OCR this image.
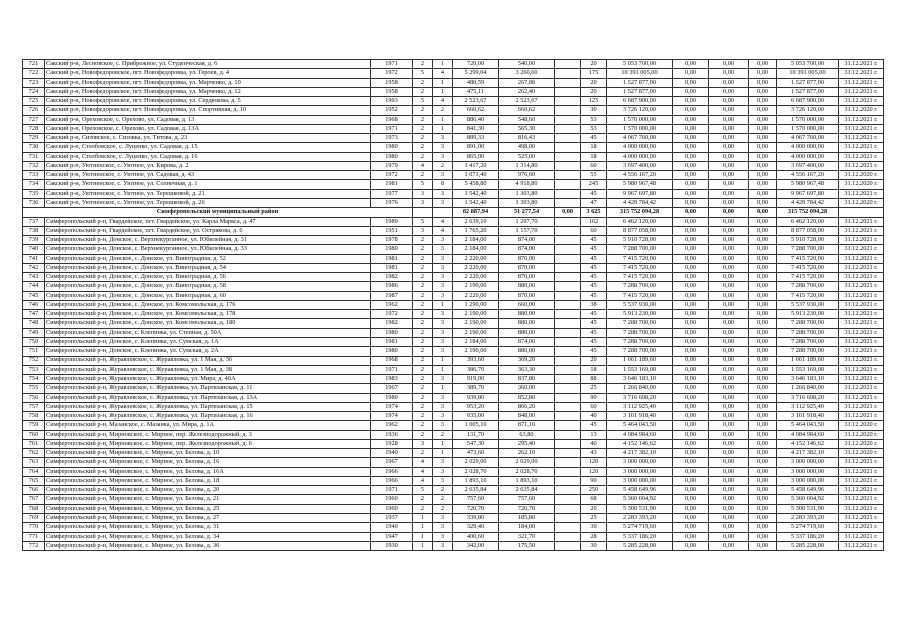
721	Сакский р-н, Лесновское, с. Прибрежное, ул. Студенческая, д. 6	1971	2	1	720,00	540,00		20	5 053 700,00	0,00	0,00	0,00	5 053 700,00	31.12.2021 г.
722	Сакский р-н, Новофедоровское, пгт. Новофедоровка, ул. Героев, д. 4	1972	5	4	5 299,04	3 260,60		175	10 391 005,00	0,00	0,00	0,00	10 391 005,00	31.12.2021 г.
723	Сакский р-н, Новофедоровское, пгт. Новофедоровка, ул. Марченко, д. 10	1958	2	1	480,59	267,88		20	1 527 877,00	0,00	0,00	0,00	1 527 877,00	31.12.2021 г.
724	Сакский р-н, Новофедоровское, пгт. Новофедоровка, ул. Марченко, д. 12	1958	2	1	475,11	262,40		20	1 527 877,00	0,00	0,00	0,00	1 527 877,00	31.12.2021 г.
725	Сакский р-н, Новофедоровское, пгт. Новофедоровка, ул. Сердюкова, д. 5	1993	5	4	2 523,67	2 523,67		125	6 687 900,00	0,00	0,00	0,00	6 687 900,00	31.12.2021 г.
726	Сакский р-н, Новофедоровское, пгт. Новофедоровка, ул. Спортивная, д. 10	1952	2	2	660,62	660,62		30	3 726 120,00	0,00	0,00	0,00	3 726 120,00	31.12.2020 г.
727	Сакский р-н, Ореховское, с. Орехово, ул. Садовая, д. 13	1968	2	1	886,40	548,60		53	1 570 000,00	0,00	0,00	0,00	1 570 000,00	31.12.2021 г.
728	Сакский р-н, Ореховское, с. Орехово, ул. Садовая, д. 13А	1971	2	1	841,30	565,30		53	1 570 000,00	0,00	0,00	0,00	1 570 000,00	31.12.2021 г.
729	Сакский р-н, Сизовское, с. Сизовка, ул. Титова, д. 23	1973	2	3	889,33	816,43		45	4 067 760,00	0,00	0,00	0,00	4 067 760,00	31.12.2021 г.
730	Сакский р-н, Столбовское, с. Луценко, ул. Садовая, д. 15	1980	2	3	891,00	498,00		18	4 000 000,00	0,00	0,00	0,00	4 000 000,00	31.12.2021 г.
731	Сакский р-н, Столбовское, с. Луценко, ул. Садовая, д. 16	1980	2	3	865,00	525,00		18	4 000 000,00	0,00	0,00	0,00	4 000 000,00	31.12.2021 г.
732	Сакский р-н, Уютненское, с. Уютное, ул. Кирова, д. 2	1979	4	2	1 417,20	1 314,80		60	3 697 400,00	0,00	0,00	0,00	3 697 400,00	31.12.2021 г.
733	Сакский р-н, Уютненское, с. Уютное, ул. Садовая, д. 43	1972	2	3	1 071,40	976,60		55	4 556 167,20	0,00	0,00	0,00	4 556 167,20	31.12.2020 г.
734	Сакский р-н, Уютненское, с. Уютное, ул. Солнечная, д. 1	1981	5	8	5 458,80	4 918,80		245	5 980 967,48	0,00	0,00	0,00	5 980 967,48	31.12.2020 г.
735	Сакский р-н, Уютненское, с. Уютное, ул. Терешковой, д. 21	1977	3	3	1 542,40	1 303,80		45	9 967 697,80	0,00	0,00	0,00	9 967 697,80	31.12.2021 г.
736	Сакский р-н, Уютненское, с. Уютное, ул. Терешковой, д. 26	1976	3	3	1 542,40	1 303,80		47	4 428 784,42	0,00	0,00	0,00	4 428 784,42	31.12.2020 г.
Симферопольский муниципальный район					82 887,94	51 277,54	0,00	3 625	315 752 094,28	0,00	0,00	0,00	315 752 094,28	
737	Симферопольский р-н, Гвардейское, пгт. Гвардейское, ул. Карла Маркса, д. 47	1989	5	4	2 639,10	1 297,70		102	6 462 120,00	0,00	0,00	0,00	6 462 120,00	31.12.2021 г.
738	Симферопольский р-н, Гвардейское, пгт. Гвардейское, ул. Острякова, д. 6	1951	3	4	1 765,20	1 157,70		60	8 877 058,00	0,00	0,00	0,00	8 877 058,00	31.12.2021 г.
739	Симферопольский р-н, Донское, с. Верхнекурганное, ул. Юбилейная, д. 31	1978	2	3	2 184,00	874,00		45	5 910 728,00	0,00	0,00	0,00	5 910 728,00	31.12.2021 г.
740	Симферопольский р-н, Донское, с. Верхнекурганное, ул. Юбилейная, д. 33	1980	2	3	2 184,00	874,00		45	7 288 700,00	0,00	0,00	0,00	7 288 700,00	31.12.2021 г.
741	Симферопольский р-н, Донское, с. Донское, ул. Виноградная, д. 52	1981	2	3	2 220,00	870,00		45	7 415 720,00	0,00	0,00	0,00	7 415 720,00	31.12.2021 г.
742	Симферопольский р-н, Донское, с. Донское, ул. Виноградная, д. 54	1981	2	3	2 220,00	870,00		45	7 415 720,00	0,00	0,00	0,00	7 415 720,00	31.12.2021 г.
743	Симферопольский р-н, Донское, с. Донское, ул. Виноградная, д. 56	1982	2	3	2 220,00	870,00		45	7 415 720,00	0,00	0,00	0,00	7 415 720,00	31.12.2021 г.
744	Симферопольский р-н, Донское, с. Донское, ул. Виноградная, д. 58	1986	2	3	2 190,00	880,00		45	7 288 700,00	0,00	0,00	0,00	7 288 700,00	31.12.2021 г.
745	Симферопольский р-н, Донское, с. Донское, ул. Виноградная, д. 60	1987	2	3	2 220,00	870,00		45	7 415 720,00	0,00	0,00	0,00	7 415 720,00	31.12.2021 г.
746	Симферопольский р-н, Донское, с. Донское, ул. Комсомольская, д. 176	1962	2	1	1 290,00	660,00		38	5 537 930,00	0,00	0,00	0,00	5 537 930,00	31.12.2021 г.
747	Симферопольский р-н, Донское, с. Донское, ул. Комсомольская, д. 178	1972	2	3	2 190,00	880,00		45	5 913 230,00	0,00	0,00	0,00	5 913 230,00	31.12.2021 г.
748	Симферопольский р-н, Донское, с. Донское, ул. Комсомольская, д. 180	1982	2	3	2 190,00	880,00		45	7 288 700,00	0,00	0,00	0,00	7 288 700,00	31.12.2021 г.
749	Симферопольский р-н, Донское, с. Клепинка, ул. Степная, д. 50А	1980	2	3	2 190,00	880,00		45	7 288 700,00	0,00	0,00	0,00	7 288 700,00	31.12.2021 г.
750	Симферопольский р-н, Донское, с. Клепинка, ул. Сумская, д. 1А	1981	2	3	2 184,00	874,00		45	7 288 700,00	0,00	0,00	0,00	7 288 700,00	31.12.2021 г.
751	Симферопольский р-н, Донское, с. Клепинка, ул. Сумская, д. 2А	1980	2	3	2 190,00	880,00		45	7 288 700,00	0,00	0,00	0,00	7 288 700,00	31.12.2021 г.
752	Симферопольский р-н, Журавлевское, с. Журавлевка, ул. 1 Мая, д. 36	1968	2	1	393,60	369,20		20	1 661 189,60	0,00	0,00	0,00	1 661 189,60	31.12.2021 г.
753	Симферопольский р-н, Журавлевское, с. Журавлевка, ул. 1 Мая, д. 38	1971	2	1	386,70	363,30		18	1 553 169,00	0,00	0,00	0,00	1 553 169,00	31.12.2021 г.
754	Симферопольский р-н, Журавлевское, с. Журавлевка, ул. Мира, д. 40А	1983	2	3	919,00	837,80		88	3 646 183,10	0,00	0,00	0,00	3 646 183,10	31.12.2021 г.
755	Симферопольский р-н, Журавлевское, с. Журавлевка, ул. Партизанская, д. 11	1967	2	1	389,70	360,00		25	1 266 840,00	0,00	0,00	0,00	1 266 840,00	31.12.2021 г.
756	Симферопольский р-н, Журавлевское, с. Журавлевка, ул. Партизанская, д. 13А	1980	2	3	939,80	852,80		90	3 716 608,20	0,00	0,00	0,00	3 716 608,20	31.12.2021 г.
757	Симферопольский р-н, Журавлевское, с. Журавлевка, ул. Партизанская, д. 15	1974	2	3	953,20	866,20		60	3 112 925,40	0,00	0,00	0,00	3 112 925,40	31.12.2021 г.
758	Симферопольский р-н, Журавлевское, с. Журавлевка, ул. Партизанская, д. 16	1974	2	3	935,00	848,00		40	3 101 918,40	0,00	0,00	0,00	3 101 918,40	31.12.2021 г.
759	Симферопольский р-н, Мазанское, с. Мазанка, ул. Мира, д. 1А	1962	2	3	1 005,10	871,10		45	5 464 043,50	0,00	0,00	0,00	5 464 043,50	31.12.2020 г.
760	Симферопольский р-н, Мирновское, с. Мирное, пер. Железнодорожный, д. 3	1936	2	2	131,70	63,80		13	4 084 984,60	0,00	0,00	0,00	4 084 984,60	31.12.2020 г.
761	Симферопольский р-н, Мирновское, с. Мирное, пер. Железнодорожный, д. 6	1928	3	1	547,30	295,40		40	4 152 146,62	0,00	0,00	0,00	4 152 146,62	31.12.2020 г.
762	Симферопольский р-н, Мирновское, с. Мирное, ул. Белова, д. 10	1940	2	1	473,60	262,10		43	4 217 382,10	0,00	0,00	0,00	4 217 382,10	31.12.2020 г.
763	Симферопольский р-н, Мирновское, с. Мирное, ул. Белова, д. 16	1967	4	3	2 029,00	2 029,00		120	3 000 000,00	0,00	0,00	0,00	3 000 000,00	31.12.2021 г.
764	Симферопольский р-н, Мирновское, с. Мирное, ул. Белова, д. 16А	1966	4	3	2 028,70	2 028,70		120	3 000 000,00	0,00	0,00	0,00	3 000 000,00	31.12.2021 г.
765	Симферопольский р-н, Мирновское, с. Мирное, ул. Белова, д. 18	1966	4	3	1 893,10	1 893,10		90	3 000 000,00	0,00	0,00	0,00	3 000 000,00	31.12.2021 г.
766	Симферопольский р-н, Мирновское, с. Мирное, ул. Белова, д. 20	1971	5	2	2 635,84	2 635,84		250	5 458 649,96	0,00	0,00	0,00	5 458 649,96	31.12.2021 г.
767	Симферопольский р-н, Мирновское, с. Мирное, ул. Белова, д. 21	1960	2	2	757,60	757,60		68	5 360 604,92	0,00	0,00	0,00	5 360 604,92	31.12.2021 г.
768	Симферопольский р-н, Мирновское, с. Мирное, ул. Белова, д. 25	1960	2	2	720,70	720,70		20	5 300 531,90	0,00	0,00	0,00	5 300 531,90	31.12.2021 г.
769	Симферопольский р-н, Мирновское, с. Мирное, ул. Белова, д. 27	1937	1	3	339,80	185,80		25	2 283 393,20	0,00	0,00	0,00	2 283 393,20	31.12.2021 г.
770	Симферопольский р-н, Мирновское, с. Мирное, ул. Белова, д. 31	1940	1	3	329,40	184,00		30	5 274 719,60	0,00	0,00	0,00	5 274 719,60	31.12.2021 г.
771	Симферопольский р-н, Мирновское, с. Мирное, ул. Белова, д. 34	1947	1	3	400,60	321,70		28	5 337 186,20	0,00	0,00	0,00	5 337 186,20	31.12.2021 г.
772	Симферопольский р-н, Мирновское, с. Мирное, ул. Белова, д. 36	1930	1	3	342,00	175,50		30	5 285 228,00	0,00	0,00	0,00	5 285 228,00	31.12.2021 г.
